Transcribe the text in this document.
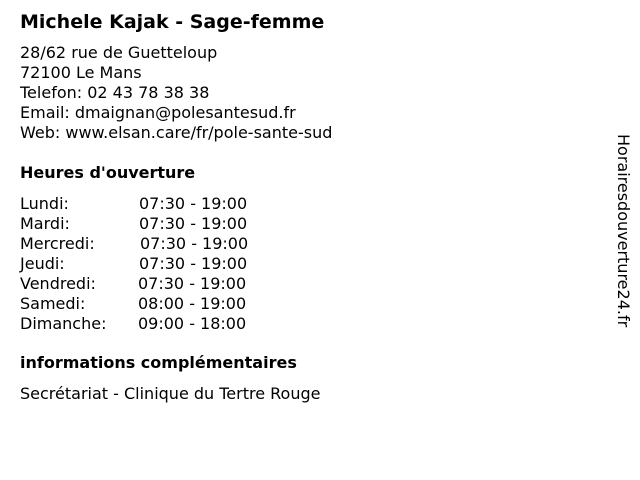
Michele Kajak - Sage-femme
28/62 rue de Guetteloup
72100 Le Mans
Telefon: 02 43 78 38 38
Email: dmaignan@polesantesud.fr
Web: www.elsan.care/fr/pole-sante-sud
Heures d'ouverture
Lundi:	07:30 - 19:00
Mardi:	07:30 - 19:00
Mercredi:	07:30 - 19:00
Jeudi:	07:30 - 19:00
Vendredi:	07:30 - 19:00
Samedi:	08:00 - 19:00
Dimanche:	09:00 - 18:00
informations complémentaires
Secrétariat - Clinique du Tertre Rouge
Horairesdouverture24.fr
